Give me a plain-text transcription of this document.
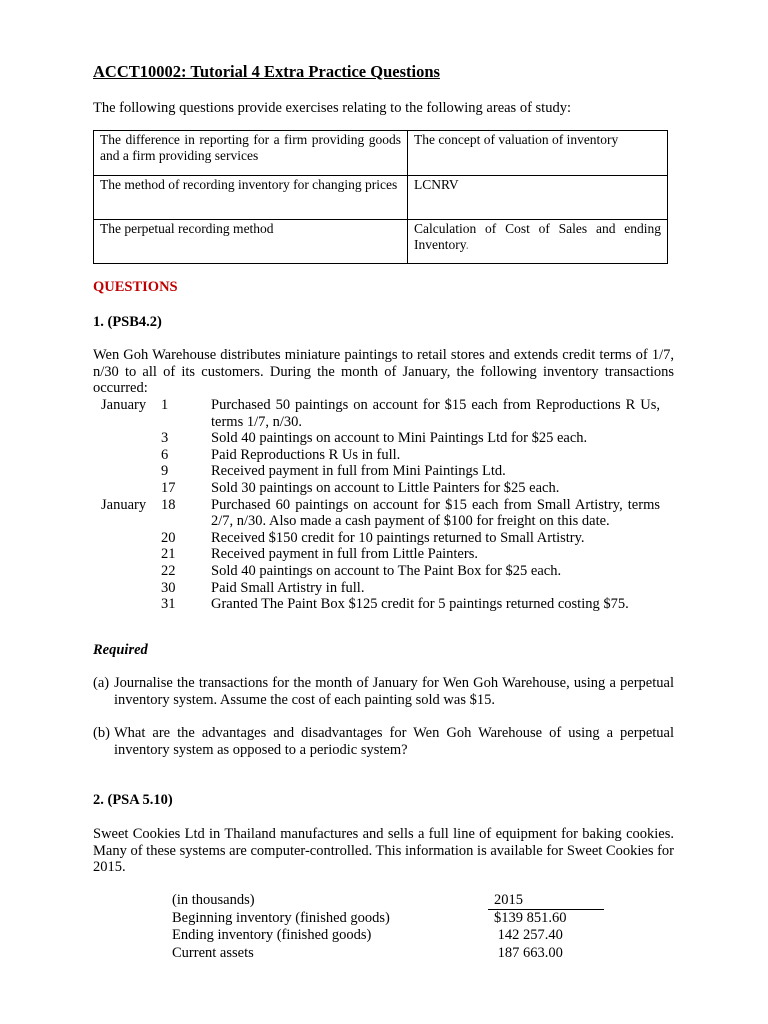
ACCT10002: Tutorial 4 Extra Practice Questions

The following questions provide exercises relating to the following areas of study:

The difference in reporting for a firm providing goods and a firm providing services	The concept of valuation of inventory
The method of recording inventory for changing prices	LCNRV
The perpetual recording method	Calculation of Cost of Sales and ending Inventory.

QUESTIONS

1. (PSB4.2)

Wen Goh Warehouse distributes miniature paintings to retail stores and extends credit terms of 1/7, n/30 to all of its customers. During the month of January, the following inventory transactions occurred:

January	1	Purchased 50 paintings on account for $15 each from Reproductions R Us, terms 1/7, n/30.
3	Sold 40 paintings on account to Mini Paintings Ltd for $25 each.
6	Paid Reproductions R Us in full.
9	Received payment in full from Mini Paintings Ltd.
17	Sold 30 paintings on account to Little Painters for $25 each.
January	18	Purchased 60 paintings on account for $15 each from Small Artistry, terms 2/7, n/30. Also made a cash payment of $100 for freight on this date.
20	Received $150 credit for 10 paintings returned to Small Artistry.
21	Received payment in full from Little Painters.
22	Sold 40 paintings on account to The Paint Box for $25 each.
30	Paid Small Artistry in full.
31	Granted The Paint Box $125 credit for 5 paintings returned costing $75.

Required

(a) Journalise the transactions for the month of January for Wen Goh Warehouse, using a perpetual inventory system. Assume the cost of each painting sold was $15.
(b) What are the advantages and disadvantages for Wen Goh Warehouse of using a perpetual inventory system as opposed to a periodic system?

2. (PSA 5.10)

Sweet Cookies Ltd in Thailand manufactures and sells a full line of equipment for baking cookies. Many of these systems are computer-controlled. This information is available for Sweet Cookies for 2015.

(in thousands)	2015
Beginning inventory (finished goods)	$139 851.60
Ending inventory (finished goods)	142 257.40
Current assets	187 663.00
